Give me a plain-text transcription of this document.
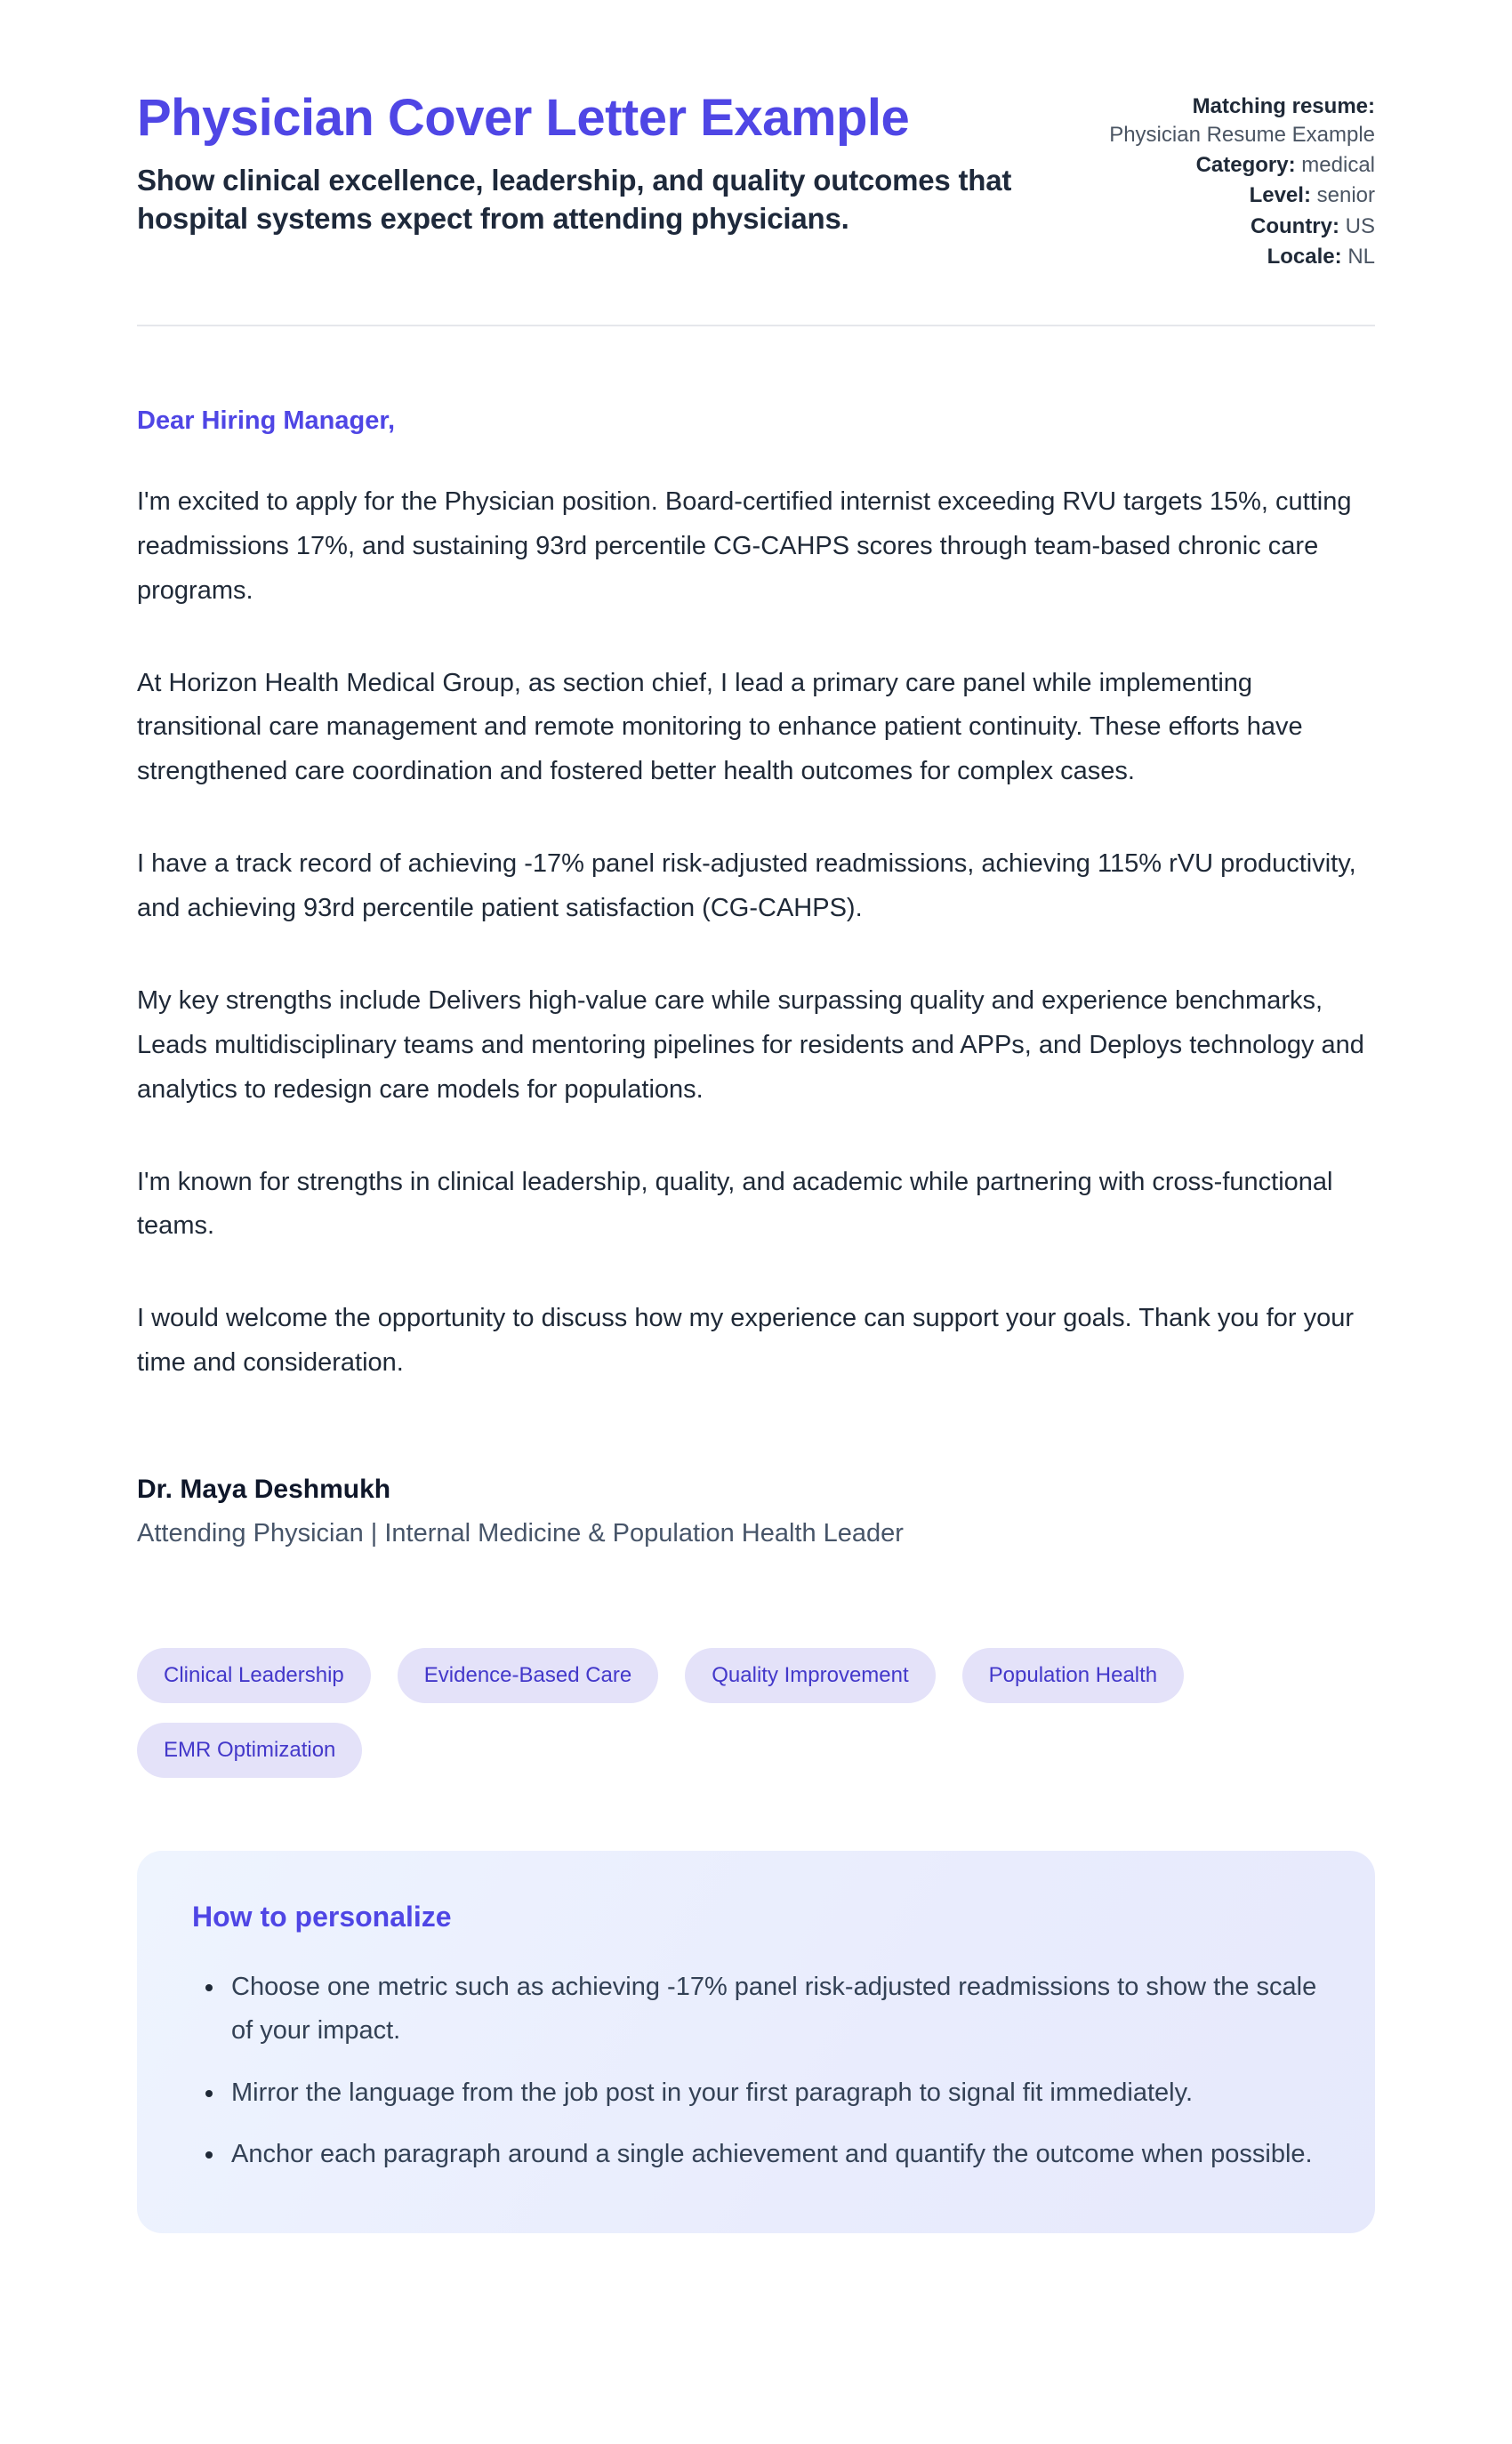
Physician Cover Letter Example

Show clinical excellence, leadership, and quality outcomes that hospital systems expect from attending physicians.

Matching resume: Physician Resume Example
Category: medical
Level: senior
Country: US
Locale: NL

Dear Hiring Manager,

I'm excited to apply for the Physician position. Board-certified internist exceeding RVU targets 15%, cutting readmissions 17%, and sustaining 93rd percentile CG-CAHPS scores through team-based chronic care programs.

At Horizon Health Medical Group, as section chief, I lead a primary care panel while implementing transitional care management and remote monitoring to enhance patient continuity. These efforts have strengthened care coordination and fostered better health outcomes for complex cases.

I have a track record of achieving -17% panel risk-adjusted readmissions, achieving 115% rVU productivity, and achieving 93rd percentile patient satisfaction (CG-CAHPS).

My key strengths include Delivers high-value care while surpassing quality and experience benchmarks, Leads multidisciplinary teams and mentoring pipelines for residents and APPs, and Deploys technology and analytics to redesign care models for populations.

I'm known for strengths in clinical leadership, quality, and academic while partnering with cross-functional teams.

I would welcome the opportunity to discuss how my experience can support your goals. Thank you for your time and consideration.

Dr. Maya Deshmukh

Attending Physician | Internal Medicine & Population Health Leader

Clinical Leadership	Evidence-Based Care	Quality Improvement	Population Health
EMR Optimization
How to personalize
• Choose one metric such as achieving -17% panel risk-adjusted readmissions to show the scale of your impact.
• Mirror the language from the job post in your first paragraph to signal fit immediately.
• Anchor each paragraph around a single achievement and quantify the outcome when possible.
